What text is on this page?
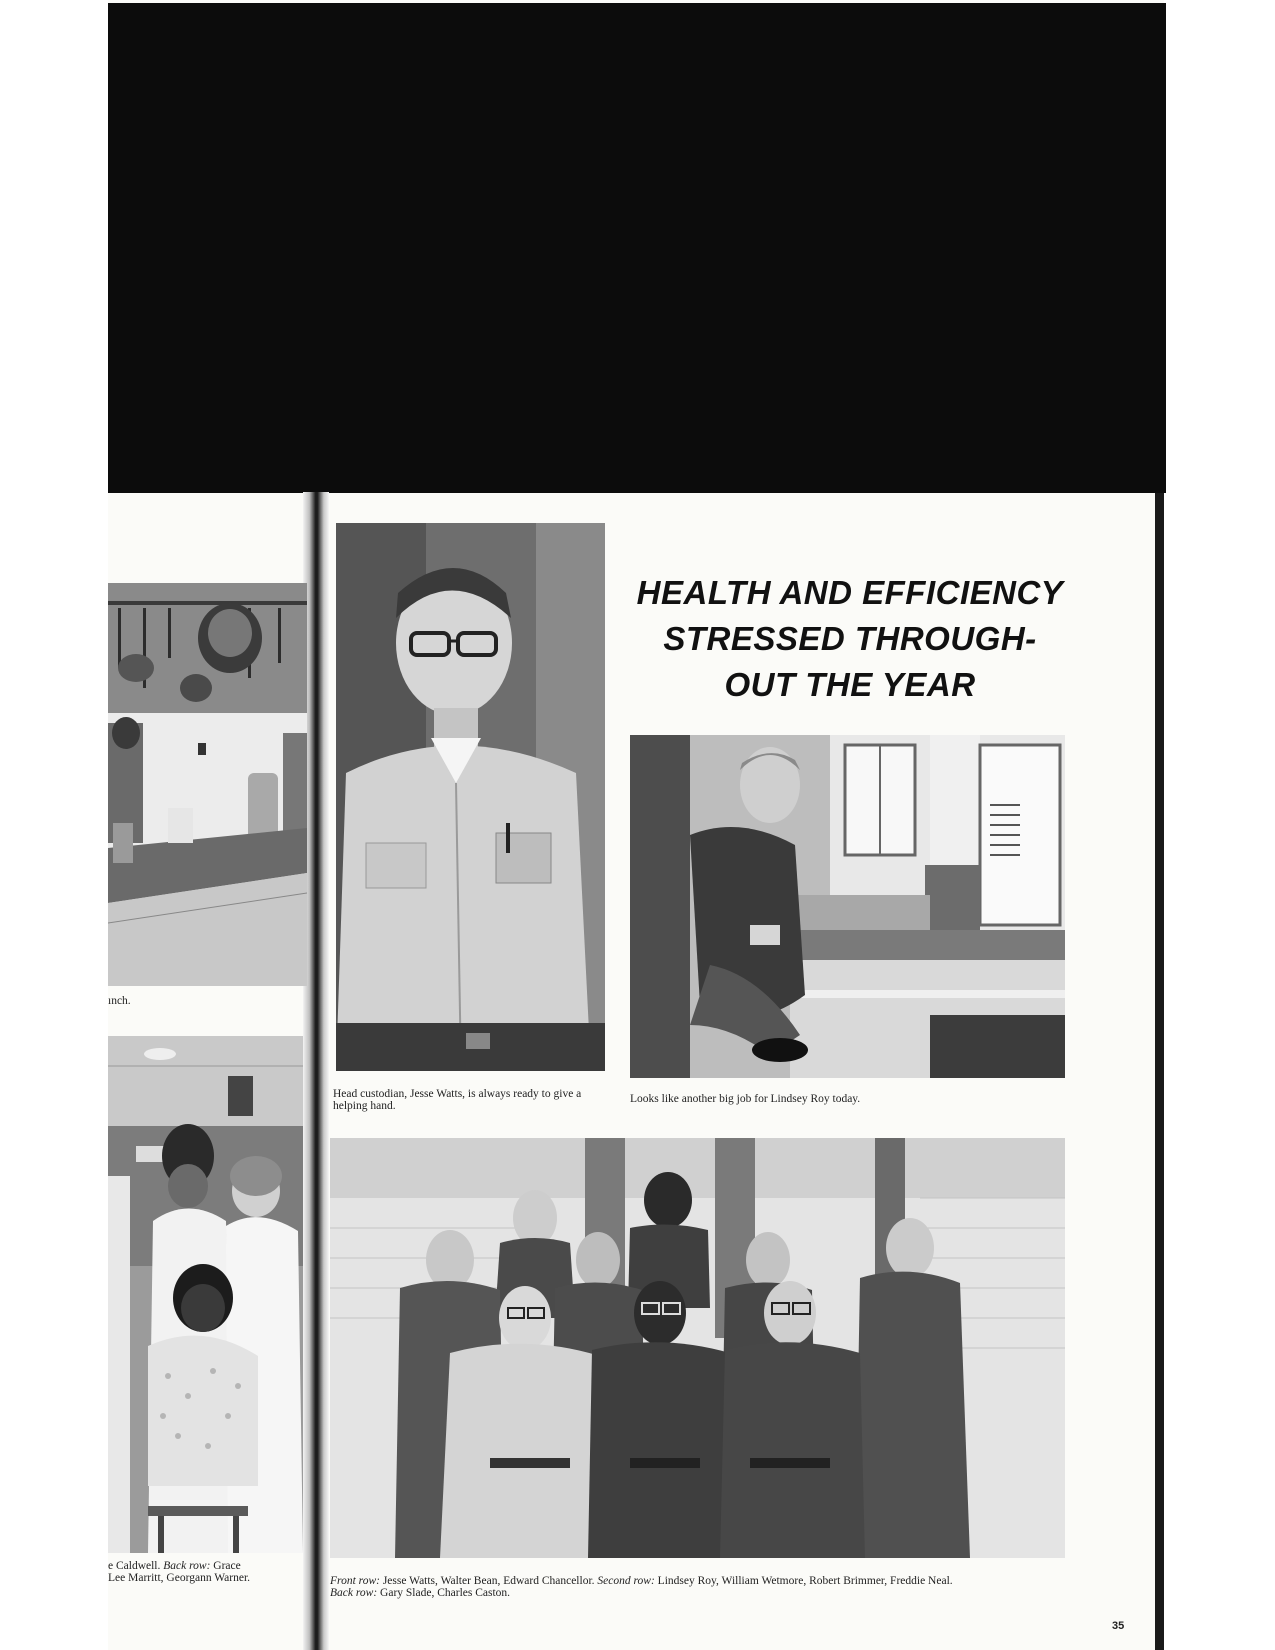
HEALTH AND EFFICIENCY
STRESSED THROUGH-
OUT THE YEAR
ınch.
e Caldwell. Back row: Grace
Lee Marritt, Georgann Warner.
Head custodian, Jesse Watts, is always ready to give a helping hand.
Looks like another big job for Lindsey Roy today.
Front row: Jesse Watts, Walter Bean, Edward Chancellor. Second row: Lindsey Roy, William Wetmore, Robert Brimmer, Freddie Neal.
Back row: Gary Slade, Charles Caston.
35
